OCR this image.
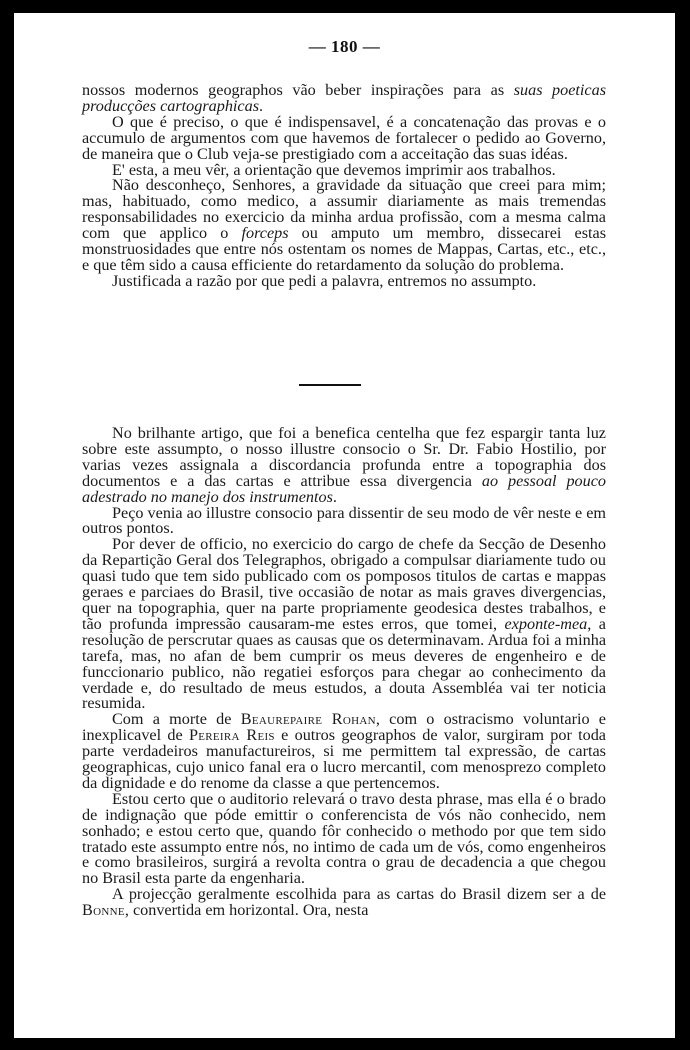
— 180 —

nossos modernos geographos vão beber inspirações para as suas poeticas producções cartographicas.

O que é preciso, o que é indispensavel, é a concatenação das provas e o accumulo de argumentos com que havemos de fortalecer o pedido ao Governo, de maneira que o Club veja-se prestigiado com a acceitação das suas idéas.

E' esta, a meu vêr, a orientação que devemos imprimir aos trabalhos.

Não desconheço, Senhores, a gravidade da situação que creei para mim; mas, habituado, como medico, a assumir diariamente as mais tremendas responsabilidades no exercicio da minha ardua profissão, com a mesma calma com que applico o forceps ou amputo um membro, dissecarei estas monstruosidades que entre nós ostentam os nomes de Mappas, Cartas, etc., etc., e que têm sido a causa efficiente do retardamento da solução do problema.

Justificada a razão por que pedi a palavra, entremos no assumpto.

No brilhante artigo, que foi a benefica centelha que fez espargir tanta luz sobre este assumpto, o nosso illustre consocio o Sr. Dr. Fabio Hostilio, por varias vezes assignala a discordancia profunda entre a topographia dos documentos e a das cartas e attribue essa divergencia ao pessoal pouco adestrado no manejo dos instrumentos.

Peço venia ao illustre consocio para dissentir de seu modo de vêr neste e em outros pontos.

Por dever de officio, no exercicio do cargo de chefe da Secção de Desenho da Repartição Geral dos Telegraphos, obrigado a compulsar diariamente tudo ou quasi tudo que tem sido publicado com os pomposos titulos de cartas e mappas geraes e parciaes do Brasil, tive occasião de notar as mais graves divergencias, quer na topographia, quer na parte propriamente geodesica destes trabalhos, e tão profunda impressão causaram-me estes erros, que tomei, exponte-mea, a resolução de perscrutar quaes as causas que os determinavam. Ardua foi a minha tarefa, mas, no afan de bem cumprir os meus deveres de engenheiro e de funccionario publico, não regatiei esforços para chegar ao conhecimento da verdade e, do resultado de meus estudos, a douta Assembléa vai ter noticia resumida.

Com a morte de Beaurepaire Rohan, com o ostracismo voluntario e inexplicavel de Pereira Reis e outros geographos de valor, surgiram por toda parte verdadeiros manufactureiros, si me permittem tal expressão, de cartas geographicas, cujo unico fanal era o lucro mercantil, com menosprezo completo da dignidade e do renome da classe a que pertencemos.

Estou certo que o auditorio relevará o travo desta phrase, mas ella é o brado de indignação que póde emittir o conferencista de vós não conhecido, nem sonhado; e estou certo que, quando fôr conhecido o methodo por que tem sido tratado este assumpto entre nós, no intimo de cada um de vós, como engenheiros e como brasileiros, surgirá a revolta contra o grau de decadencia a que chegou no Brasil esta parte da engenharia.

A projecção geralmente escolhida para as cartas do Brasil dizem ser a de Bonne, convertida em horizontal. Ora, nesta
